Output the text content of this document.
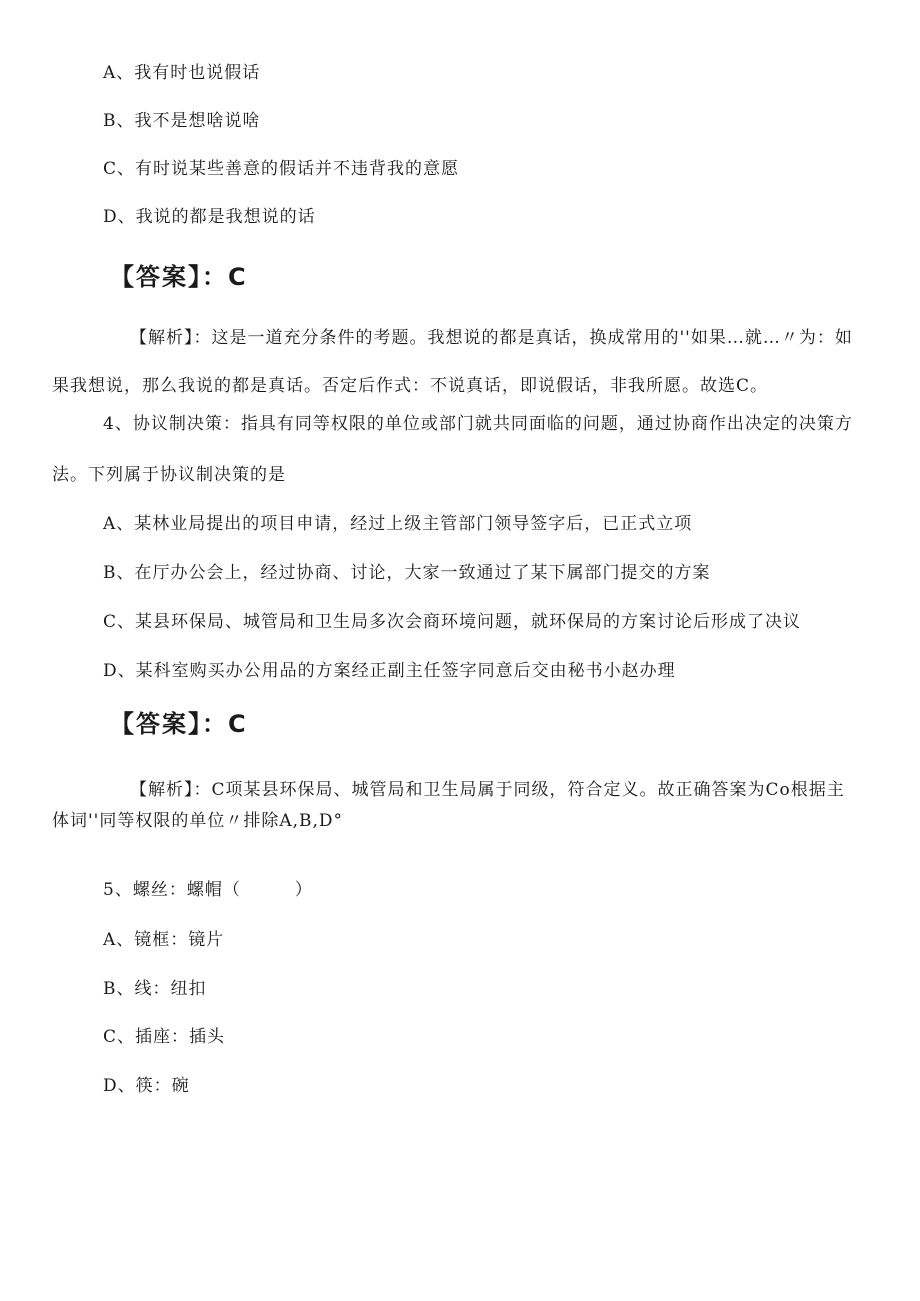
A、我有时也说假话
B、我不是想啥说啥
C、有时说某些善意的假话并不违背我的意愿
D、我说的都是我想说的话
【答案】：C
【解析】：这是一道充分条件的考题。我想说的都是真话，换成常用的''如果…就…〃为：如
果我想说，那么我说的都是真话。否定后作式：不说真话，即说假话，非我所愿。故选C。
4、协议制决策：指具有同等权限的单位或部门就共同面临的问题，通过协商作出决定的决策方
法。下列属于协议制决策的是
A、某林业局提出的项目申请，经过上级主管部门领导签字后，已正式立项
B、在厅办公会上，经过协商、讨论，大家一致通过了某下属部门提交的方案
C、某县环保局、城管局和卫生局多次会商环境问题，就环保局的方案讨论后形成了决议
D、某科室购买办公用品的方案经正副主任签字同意后交由秘书小赵办理
【答案】：C
【解析】：C项某县环保局、城管局和卫生局属于同级，符合定义。故正确答案为Co根据主
体词''同等权限的单位〃排除A,B,D°
5、螺丝：螺帽（　　　）
A、镜框：镜片
B、线：纽扣
C、插座：插头
D、筷：碗
